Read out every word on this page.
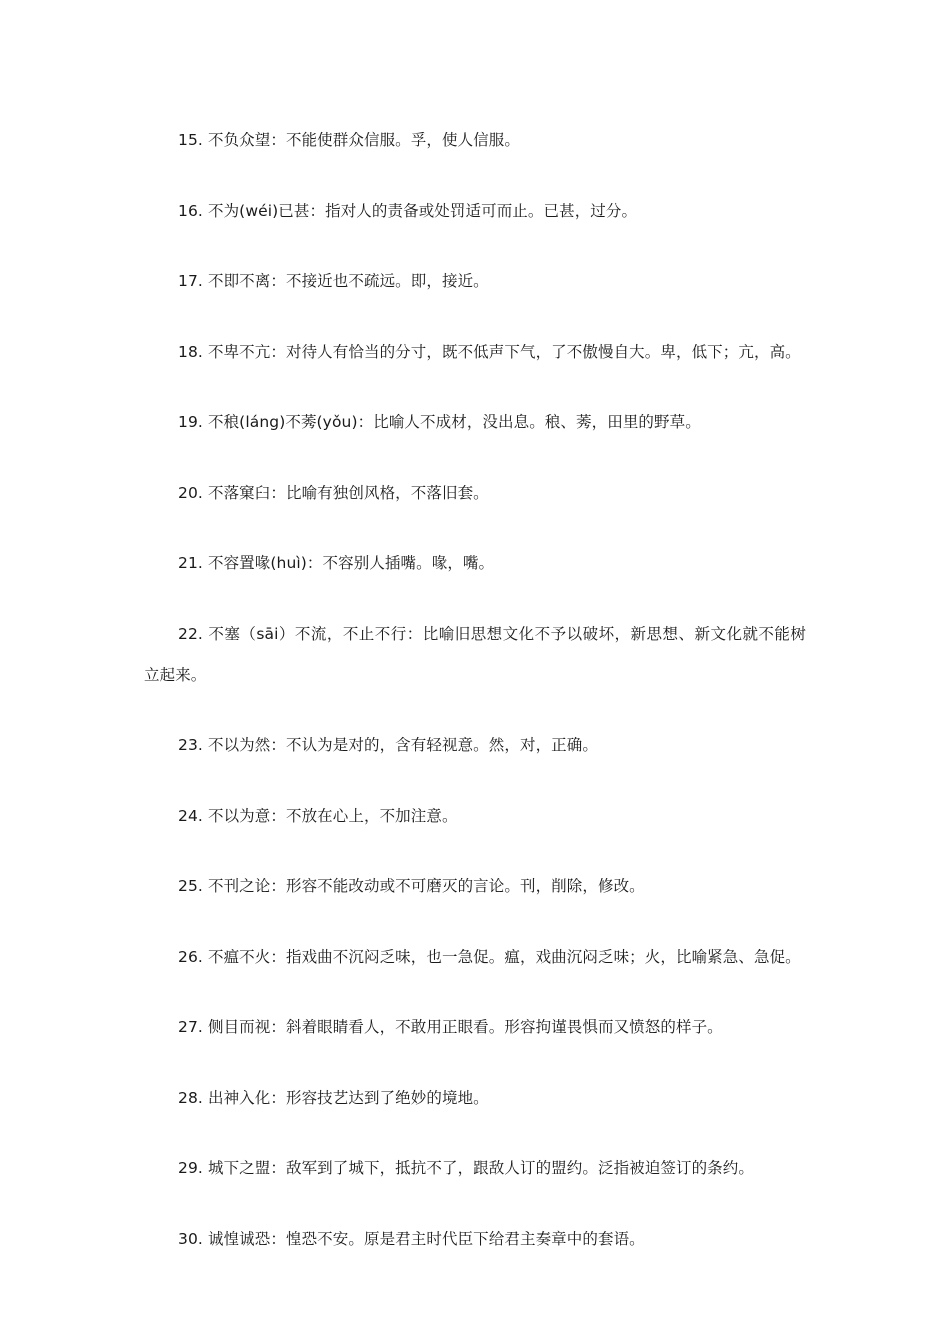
15. 不负众望：不能使群众信服。孚，使人信服。

16. 不为(wéi)已甚：指对人的责备或处罚适可而止。已甚，过分。

17. 不即不离：不接近也不疏远。即，接近。

18. 不卑不亢：对待人有恰当的分寸，既不低声下气，了不傲慢自大。卑，低下；亢，高。

19. 不稂(láng)不莠(yǒu)：比喻人不成材，没出息。稂、莠，田里的野草。

20. 不落窠臼：比喻有独创风格，不落旧套。

21. 不容置喙(huì)：不容别人插嘴。喙，嘴。

22. 不塞（sāi）不流，不止不行：比喻旧思想文化不予以破坏，新思想、新文化就不能树立起来。

23. 不以为然：不认为是对的，含有轻视意。然，对，正确。

24. 不以为意：不放在心上，不加注意。

25. 不刊之论：形容不能改动或不可磨灭的言论。刊，削除，修改。

26. 不瘟不火：指戏曲不沉闷乏味，也一急促。瘟，戏曲沉闷乏味；火，比喻紧急、急促。

27. 侧目而视：斜着眼睛看人，不敢用正眼看。形容拘谨畏惧而又愤怒的样子。

28. 出神入化：形容技艺达到了绝妙的境地。

29. 城下之盟：敌军到了城下，抵抗不了，跟敌人订的盟约。泛指被迫签订的条约。

30. 诚惶诚恐：惶恐不安。原是君主时代臣下给君主奏章中的套语。
